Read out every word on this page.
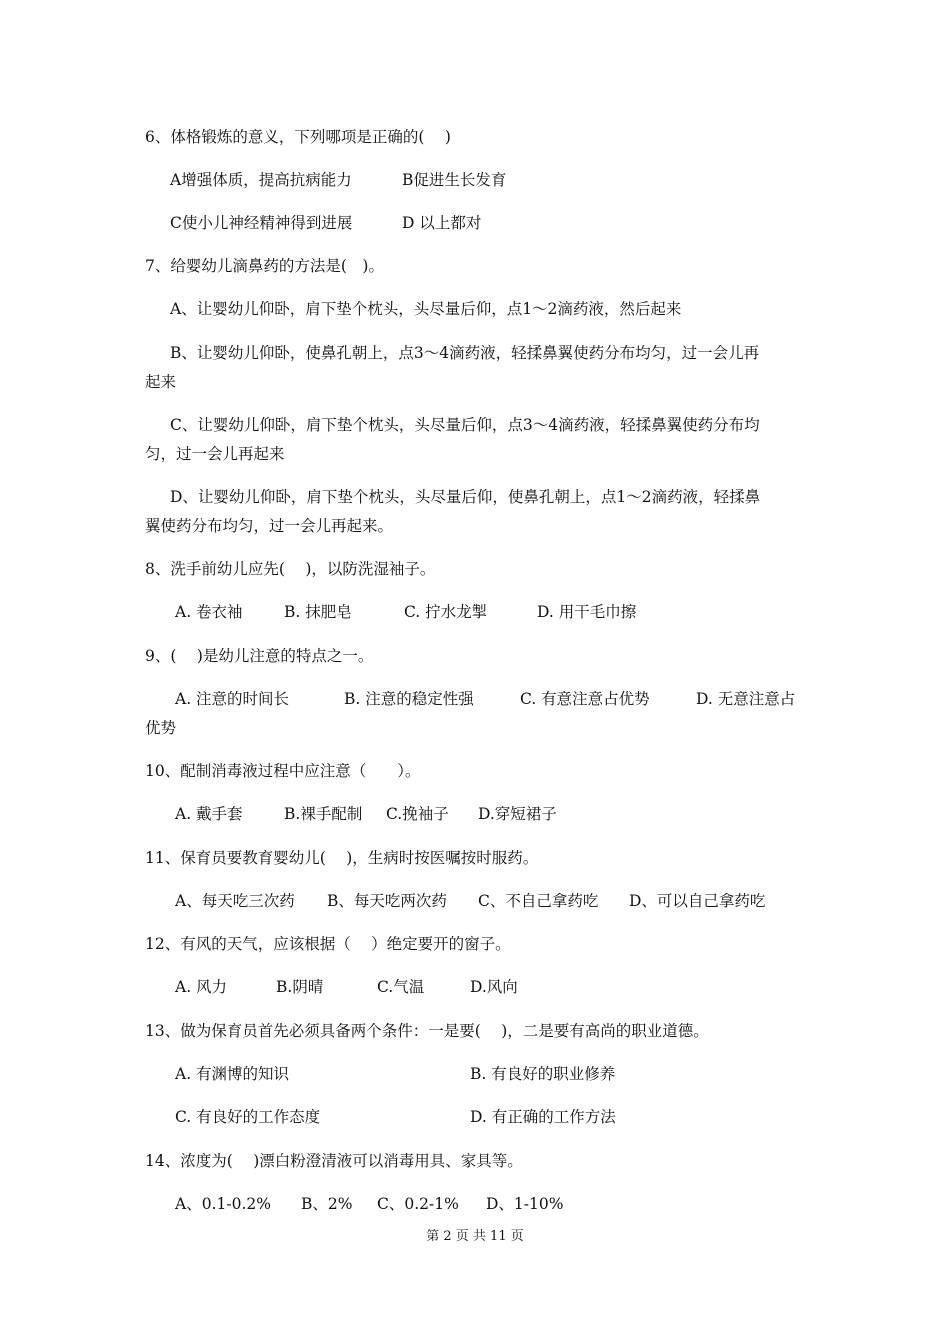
6、体格锻炼的意义，下列哪项是正确的(　 )
A增强体质，提高抗病能力	B促进生长发育
C使小儿神经精神得到进展	D 以上都对
7、给婴幼儿滴鼻药的方法是(　)。
A、让婴幼儿仰卧，肩下垫个枕头，头尽量后仰，点1～2滴药液，然后起来
B、让婴幼儿仰卧，使鼻孔朝上，点3～4滴药液，轻揉鼻翼使药分布均匀，过一会儿再
起来
C、让婴幼儿仰卧，肩下垫个枕头，头尽量后仰，点3～4滴药液，轻揉鼻翼使药分布均
匀，过一会儿再起来
D、让婴幼儿仰卧，肩下垫个枕头，头尽量后仰，使鼻孔朝上，点1～2滴药液，轻揉鼻
翼使药分布均匀，过一会儿再起来。
8、洗手前幼儿应先(　 )，以防洗湿袖子。
A. 卷衣袖	B. 抹肥皂	C. 拧水龙掣	D. 用干毛巾擦
9、(　 )是幼儿注意的特点之一。
A. 注意的时间长	B. 注意的稳定性强	C. 有意注意占优势	D. 无意注意占
优势
10、配制消毒液过程中应注意（　　）。
A. 戴手套	B.裸手配制 C.挽袖子 D.穿短裙子
11、保育员要教育婴幼儿(　 )，生病时按医嘱按时服药。
A、每天吃三次药 B、每天吃两次药 C、不自己拿药吃 D、可以自己拿药吃
12、有风的天气，应该根据（　 ）绝定要开的窗子。
A. 风力	B.阴晴	C.气温	D.风向
13、做为保育员首先必须具备两个条件：一是要(　 )，二是要有高尚的职业道德。
A. 有渊博的知识	B. 有良好的职业修养
C. 有良好的工作态度	D. 有正确的工作方法
14、浓度为(　 )漂白粉澄清液可以消毒用具、家具等。
A、0.1-0.2% B、2% C、0.2-1% D、1-10%
第 2 页 共 11 页
